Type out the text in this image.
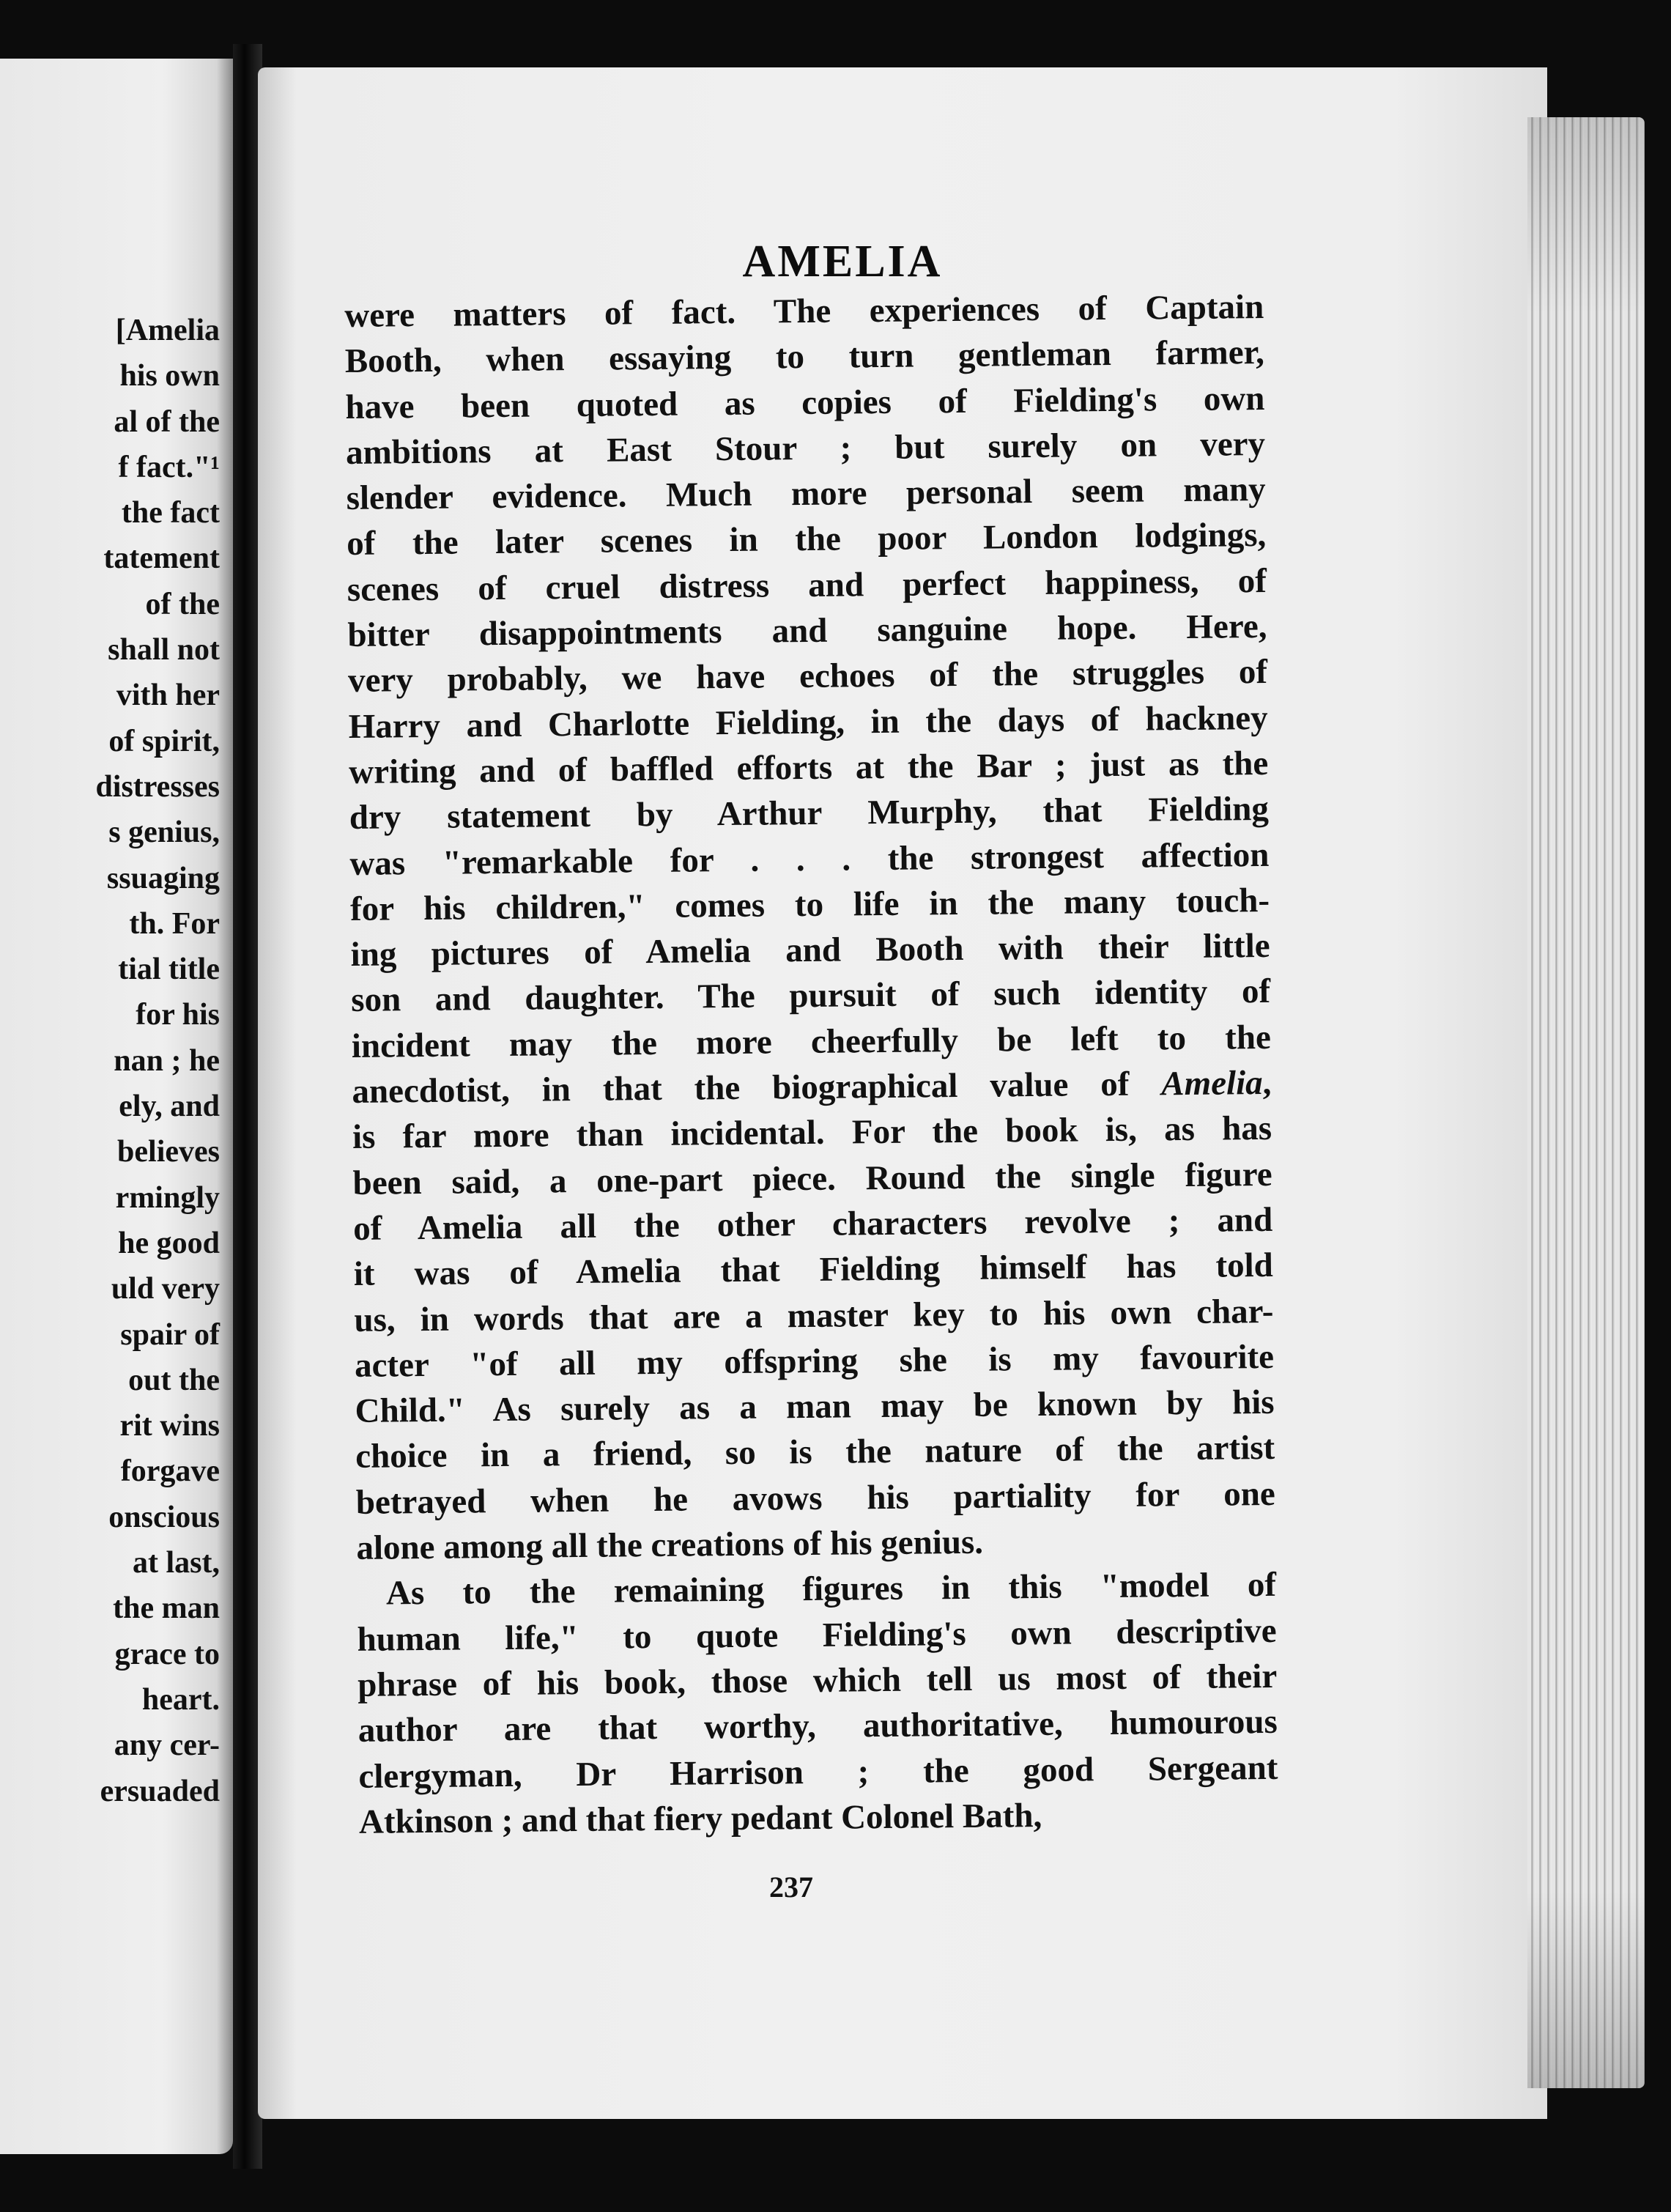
[Amelia
his own
al of the
f fact."¹
the fact
tatement
of the
shall not
vith her
of spirit,
distresses
s genius,
ssuaging
th. For
tial title
for his
nan ; he
ely, and
believes
rmingly
he good
uld very
spair of
out the
rit wins
forgave
onscious
at last,
the man
grace to
heart.
any cer-
ersuaded
AMELIA
were matters of fact. The experiences of Captain
Booth, when essaying to turn gentleman farmer,
have been quoted as copies of Fielding's own
ambitions at East Stour ; but surely on very
slender evidence. Much more personal seem many
of the later scenes in the poor London lodgings,
scenes of cruel distress and perfect happiness, of
bitter disappointments and sanguine hope. Here,
very probably, we have echoes of the struggles of
Harry and Charlotte Fielding, in the days of hackney
writing and of baffled efforts at the Bar ; just as the
dry statement by Arthur Murphy, that Fielding
was "remarkable for . . . the strongest affection
for his children," comes to life in the many touch-
ing pictures of Amelia and Booth with their little
son and daughter. The pursuit of such identity of
incident may the more cheerfully be left to the
anecdotist, in that the biographical value of Amelia,
is far more than incidental. For the book is, as has
been said, a one-part piece. Round the single figure
of Amelia all the other characters revolve ; and
it was of Amelia that Fielding himself has told
us, in words that are a master key to his own char-
acter "of all my offspring she is my favourite
Child." As surely as a man may be known by his
choice in a friend, so is the nature of the artist
betrayed when he avows his partiality for one
alone among all the creations of his genius.
As to the remaining figures in this "model of
human life," to quote Fielding's own descriptive
phrase of his book, those which tell us most of their
author are that worthy, authoritative, humourous
clergyman, Dr Harrison ; the good Sergeant
Atkinson ; and that fiery pedant Colonel Bath,
237
